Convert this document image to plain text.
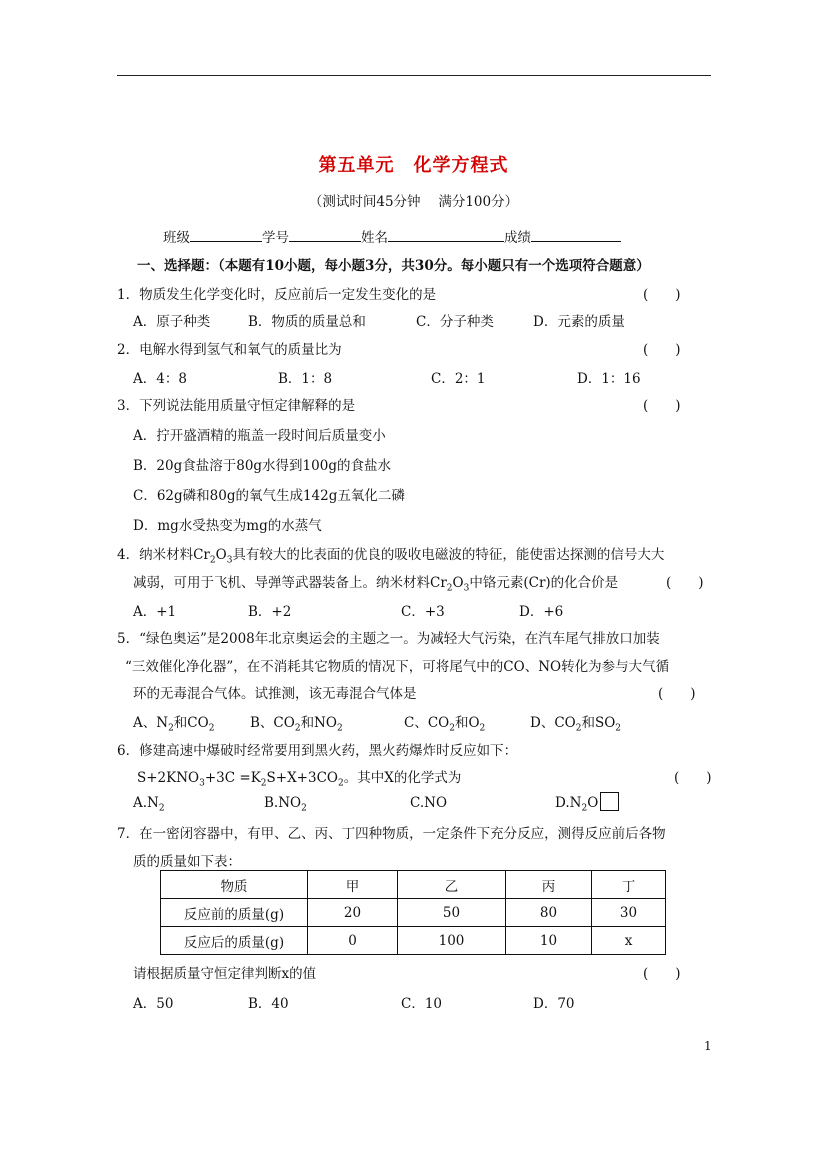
第五单元　化学方程式
（测试时间45分钟　 满分100分）
班级	学号	姓名	成绩
一、选择题：（本题有10小题，每小题3分，共30分。每小题只有一个选项符合题意）
1．物质发生化学变化时，反应前后一定发生变化的是	(　　)
A．原子种类	B．物质的质量总和	C．分子种类	D．元素的质量
2．电解水得到氢气和氧气的质量比为	(　　)
A．4：8	B．1：8	C．2：1	D．1：16
3．下列说法能用质量守恒定律解释的是	(　　)
A．拧开盛酒精的瓶盖一段时间后质量变小
B．20g食盐溶于80g水得到100g的食盐水
C．62g磷和80g的氧气生成142g五氧化二磷
D．mg水受热变为mg的水蒸气
4．纳米材料$Cr_2O_3$具有较大的比表面的优良的吸收电磁波的特征，能使雷达探测的信号大大
减弱，可用于飞机、导弹等武器装备上。纳米材料$Cr_2O_3$中铬元素(Cr)的化合价是	(　　)
A．+1	B．+2	C．+3	D．+6
5．“绿色奥运”是2008年北京奥运会的主题之一。为减轻大气污染，在汽车尾气排放口加装
“三效催化净化器”，在不消耗其它物质的情况下，可将尾气中的CO、NO转化为参与大气循
环的无毒混合气体。试推测，该无毒混合气体是	(　　)
A、$N_2$和$CO_2$	B、$CO_2$和$NO_2$	C、$CO_2$和$O_2$	D、$CO_2$和$SO_2$
6．修建高速中爆破时经常要用到黑火药，黑火药爆炸时反应如下：
$S+2KNO_3+3C =K_2S+X+3CO_2$。其中X的化学式为	(　　)
$A.N_2$	$B.NO_2$	C.NO	$D.N_2O$
7．在一密闭容器中，有甲、乙、丙、丁四种物质，一定条件下充分反应，测得反应前后各物
质的质量如下表：
物质	甲	乙	丙	丁
反应前的质量(g)	20	50	80	30
反应后的质量(g)	0	100	10	x
请根据质量守恒定律判断x的值	(　　)
A．50	B．40	C．10	D．70
1
